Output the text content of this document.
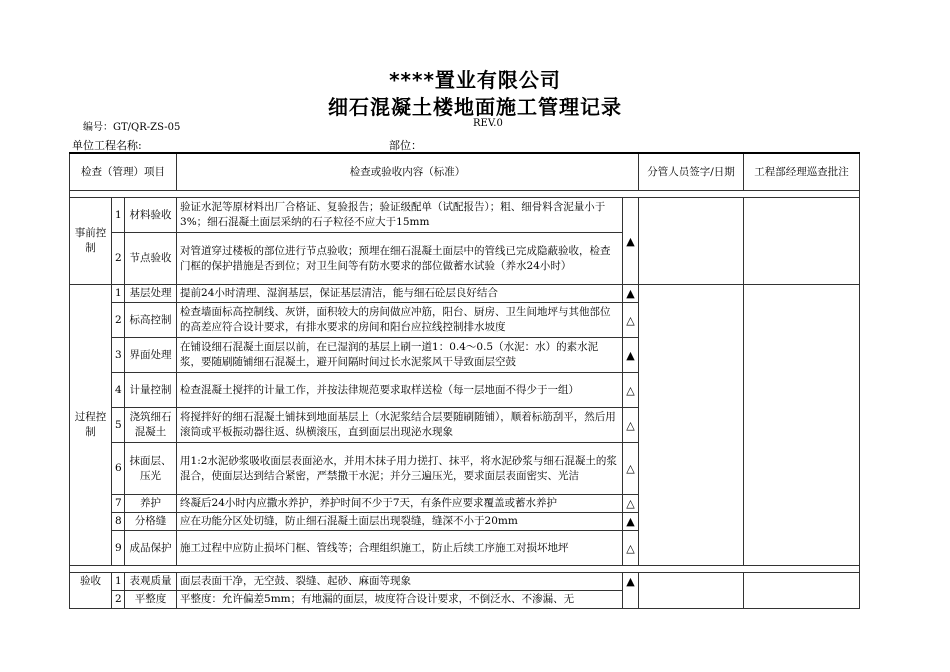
****置业有限公司
细石混凝土楼地面施工管理记录
编号：GT/QR-ZS-05	REV.0
单位工程名称:	部位：
检查（管理）项目			检查或验收内容（标准）		分管人员签字/日期	工程部经理巡查批注

事前控制	1	材料验收	验证水泥等原材料出厂合格证、复验报告；验证级配单（试配报告）；粗、细骨料含泥量小于3%；细石混凝土面层采纳的石子粒径不应大于15mm	▲		
	2	节点验收	对管道穿过楼板的部位进行节点验收；预埋在细石混凝土面层中的管线已完成隐蔽验收，检查门框的保护措施是否到位；对卫生间等有防水要求的部位做蓄水试验（养水24小时）			
过程控制	1	基层处理	提前24小时清理、湿润基层，保证基层清洁，能与细石砼层良好结合	▲		
	2	标高控制	检查墙面标高控制线、灰饼，面积较大的房间做应冲筋，阳台、厨房、卫生间地坪与其他部位的高差应符合设计要求，有排水要求的房间和阳台应拉线控制排水坡度	△		
	3	界面处理	在铺设细石混凝土面层以前，在已湿润的基层上刷一道1：0.4～0.5（水泥：水）的素水泥浆，要随刷随铺细石混凝土，避开间隔时间过长水泥浆风干导致面层空鼓	▲		
	4	计量控制	检查混凝土搅拌的计量工作，并按法律规范要求取样送检（每一层地面不得少于一组）	△		
	5	浇筑细石混凝土	将搅拌好的细石混凝土铺抹到地面基层上（水泥浆结合层要随刷随铺），顺着标筋刮平，然后用滚筒或平板振动器往返、纵横滚压，直到面层出现泌水现象	△		
	6	抹面层、压光	用1:2水泥砂浆吸收面层表面泌水，并用木抹子用力搓打、抹平，将水泥砂浆与细石混凝土的浆混合，使面层达到结合紧密，严禁撒干水泥；并分三遍压光，要求面层表面密实、光洁	△		
	7	养护	终凝后24小时内应撒水养护，养护时间不少于7天，有条件应要求覆盖或蓄水养护	△		
	8	分格缝	应在功能分区处切缝，防止细石混凝土面层出现裂缝，缝深不小于20mm	▲		
	9	成品保护	施工过程中应防止损坏门框、管线等；合理组织施工，防止后续工序施工对损坏地坪	△		

验收	1	表观质量	面层表面干净，无空鼓、裂缝、起砂、麻面等现象	▲		
	2	平整度	平整度：允许偏差5mm；有地漏的面层，坡度符合设计要求，不倒泛水、不渗漏、无			
